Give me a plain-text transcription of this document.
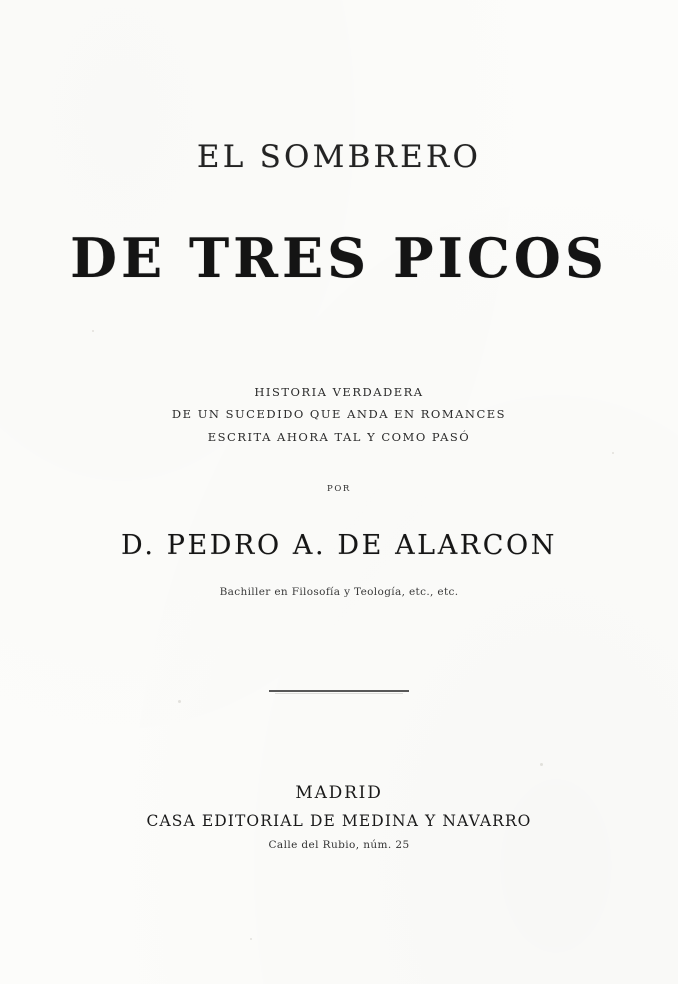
EL SOMBRERO
DE TRES PICOS
HISTORIA VERDADERA
DE UN SUCEDIDO QUE ANDA EN ROMANCES
ESCRITA AHORA TAL Y COMO PASÓ
POR
D. PEDRO A. DE ALARCON
Bachiller en Filosofía y Teología, etc., etc.
MADRID
CASA EDITORIAL DE MEDINA Y NAVARRO
Calle del Rubio, núm. 25
